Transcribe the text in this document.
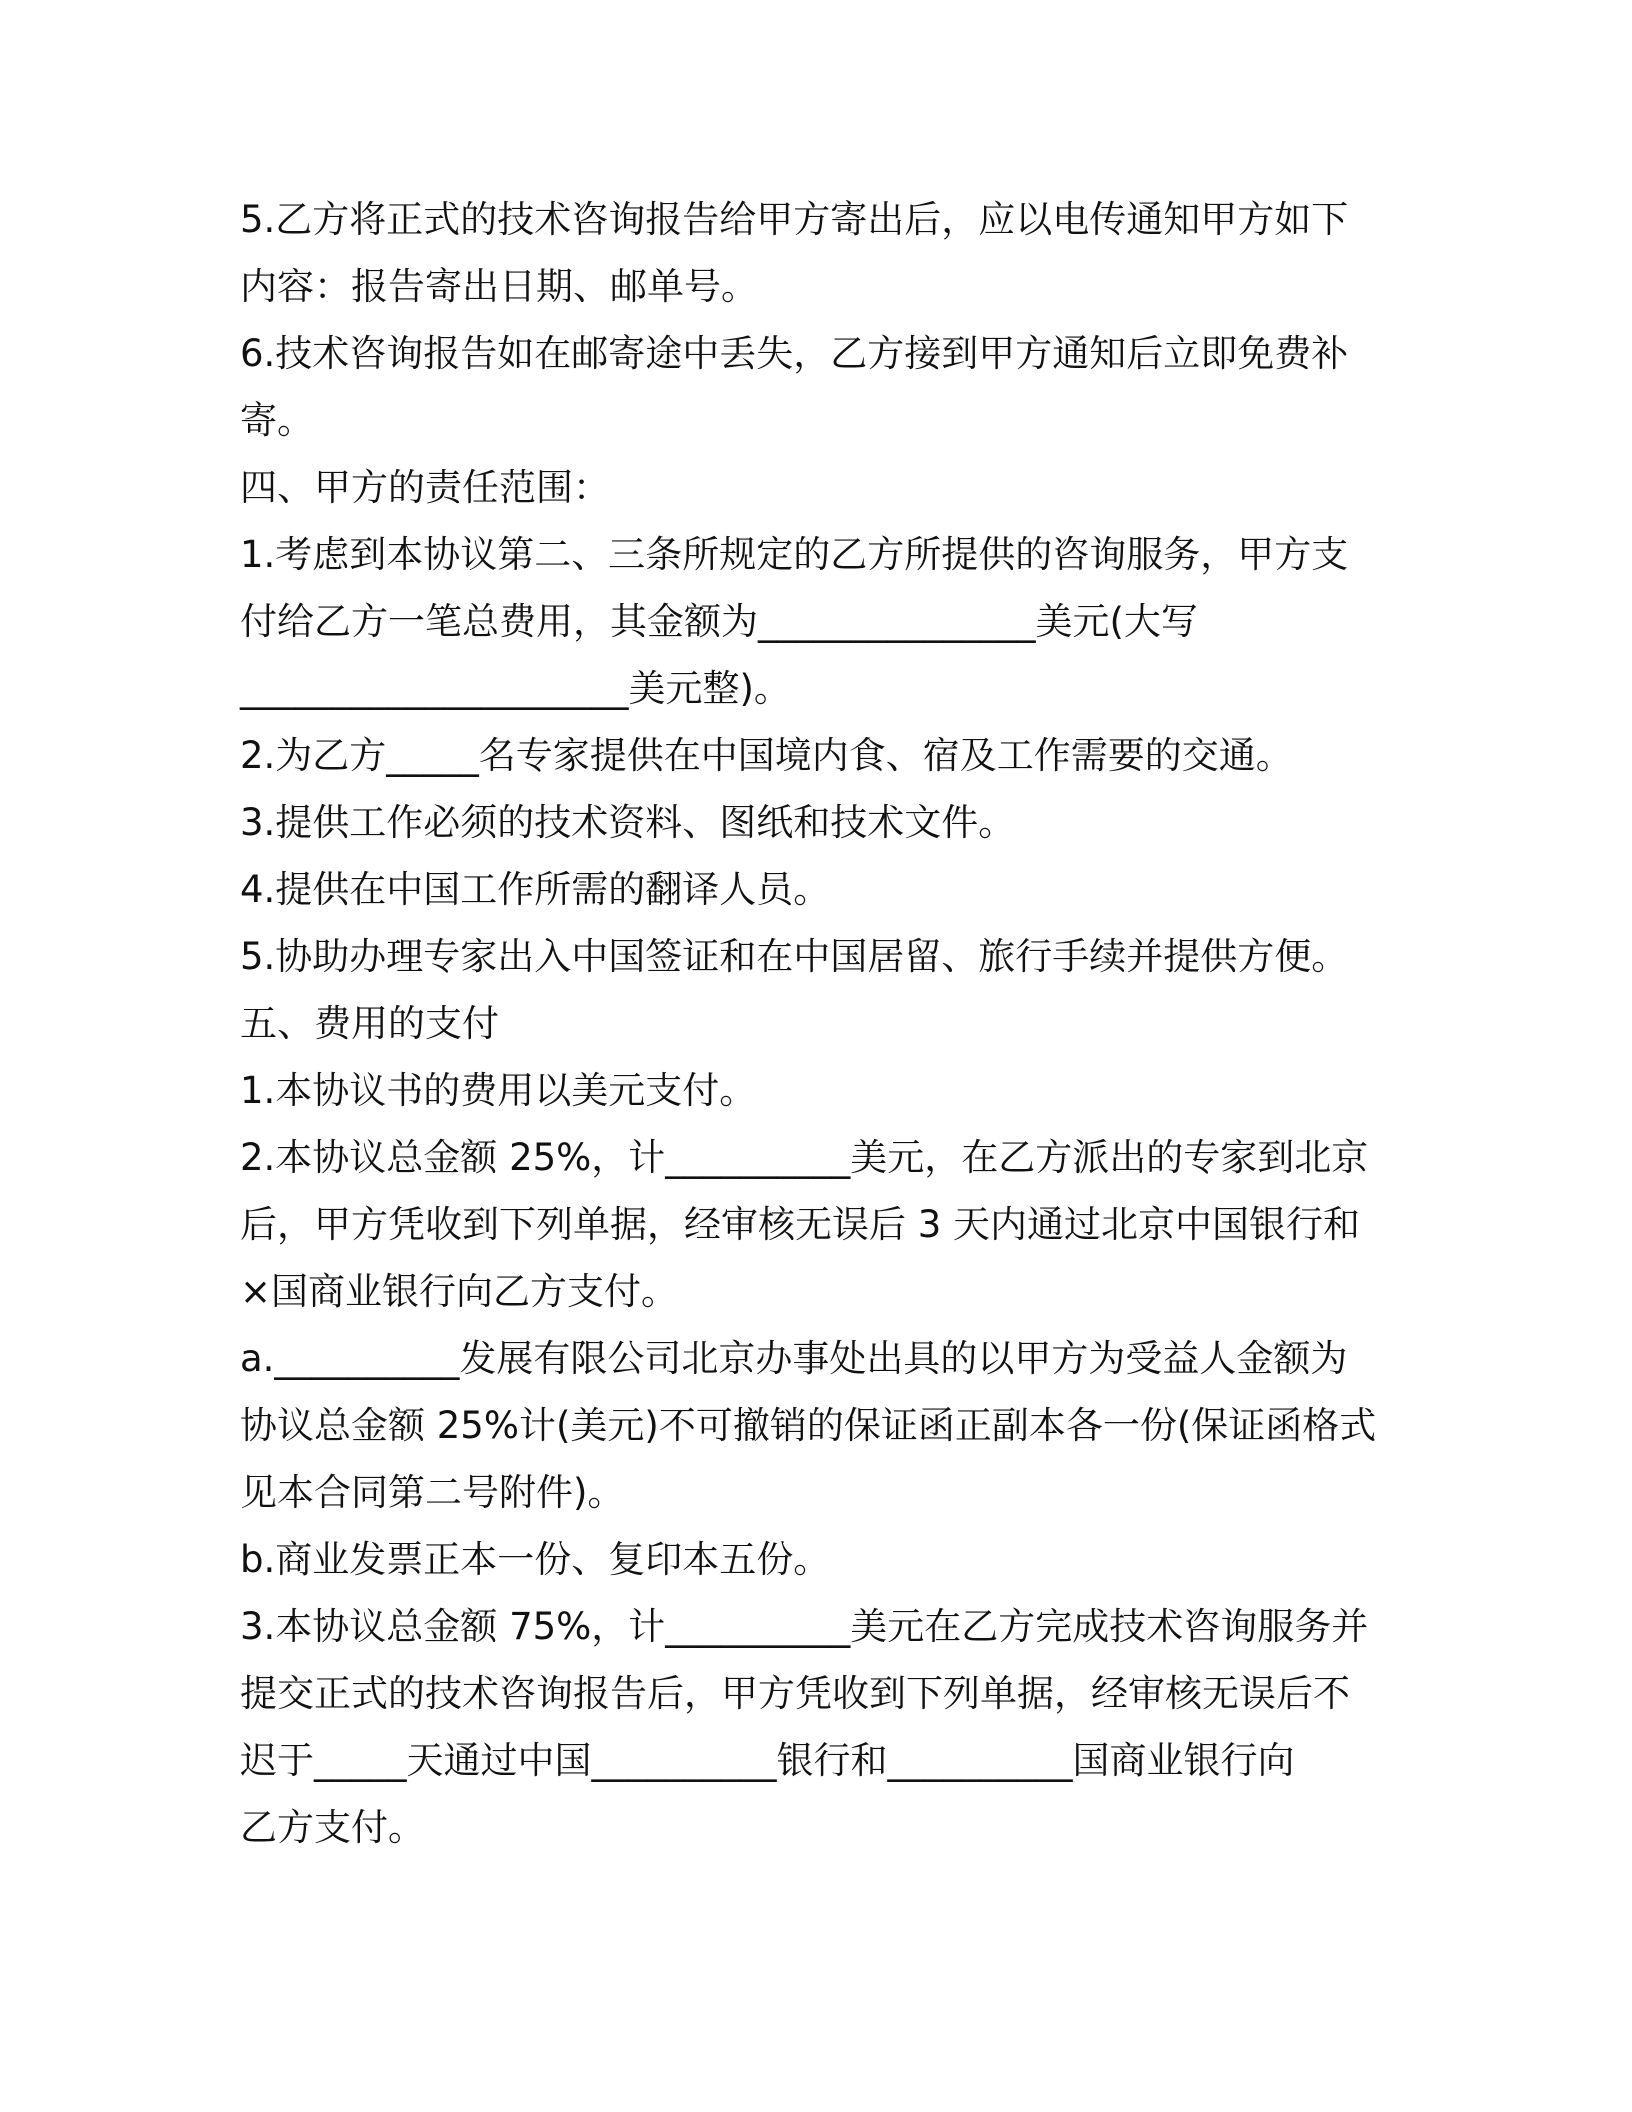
5.乙方将正式的技术咨询报告给甲方寄出后，应以电传通知甲方如下

内容：报告寄出日期、邮单号。

6.技术咨询报告如在邮寄途中丢失，乙方接到甲方通知后立即免费补

寄。

四、甲方的责任范围：

1.考虑到本协议第二、三条所规定的乙方所提供的咨询服务，甲方支

付给乙方一笔总费用，其金额为_______________美元(大写

_____________________美元整)。

2.为乙方_____名专家提供在中国境内食、宿及工作需要的交通。

3.提供工作必须的技术资料、图纸和技术文件。

4.提供在中国工作所需的翻译人员。

5.协助办理专家出入中国签证和在中国居留、旅行手续并提供方便。

五、费用的支付

1.本协议书的费用以美元支付。

2.本协议总金额 25%，计__________美元，在乙方派出的专家到北京

后，甲方凭收到下列单据，经审核无误后 3 天内通过北京中国银行和

×国商业银行向乙方支付。

a.__________发展有限公司北京办事处出具的以甲方为受益人金额为

协议总金额 25%计(美元)不可撤销的保证函正副本各一份(保证函格式

见本合同第二号附件)。

b.商业发票正本一份、复印本五份。

3.本协议总金额 75%，计__________美元在乙方完成技术咨询服务并

提交正式的技术咨询报告后，甲方凭收到下列单据，经审核无误后不

迟于_____天通过中国__________银行和__________国商业银行向

乙方支付。
